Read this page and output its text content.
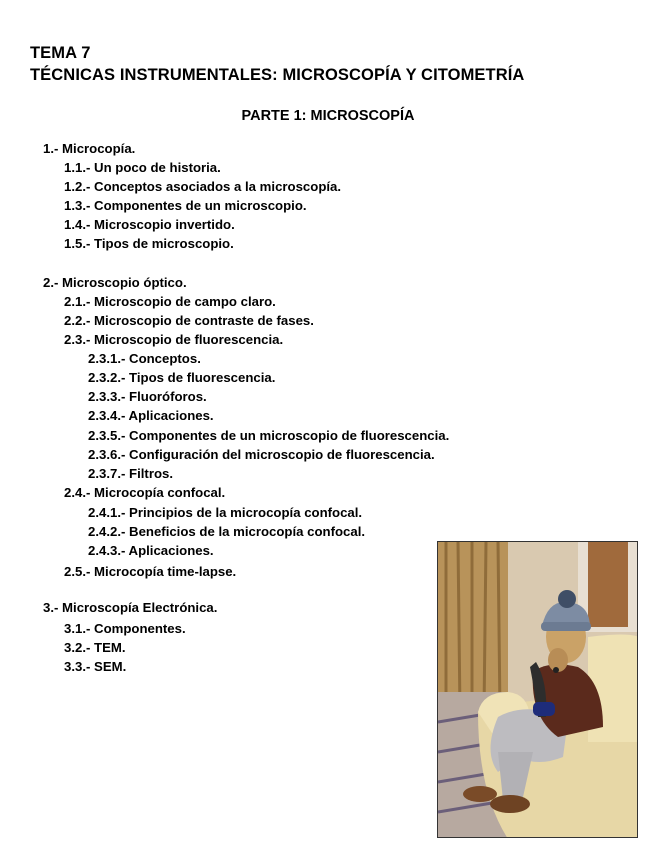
TEMA 7
TÉCNICAS INSTRUMENTALES: MICROSCOPÍA Y CITOMETRÍA
PARTE 1: MICROSCOPÍA
1.- Microcopía.
1.1.- Un poco de historia.
1.2.- Conceptos asociados a la microscopía.
1.3.- Componentes de un microscopio.
1.4.- Microscopio invertido.
1.5.- Tipos de microscopio.
2.- Microscopio óptico.
2.1.- Microscopio de campo claro.
2.2.- Microscopio de contraste de fases.
2.3.- Microscopio de fluorescencia.
2.3.1.- Conceptos.
2.3.2.- Tipos de fluorescencia.
2.3.3.- Fluoróforos.
2.3.4.- Aplicaciones.
2.3.5.- Componentes de un microscopio de fluorescencia.
2.3.6.- Configuración del microscopio de fluorescencia.
2.3.7.- Filtros.
2.4.- Microcopía confocal.
2.4.1.- Principios de la microcopía confocal.
2.4.2.- Beneficios de la microcopía confocal.
2.4.3.- Aplicaciones.
2.5.- Microcopía time-lapse.
3.- Microscopía Electrónica.
3.1.- Componentes.
3.2.- TEM.
3.3.- SEM.
